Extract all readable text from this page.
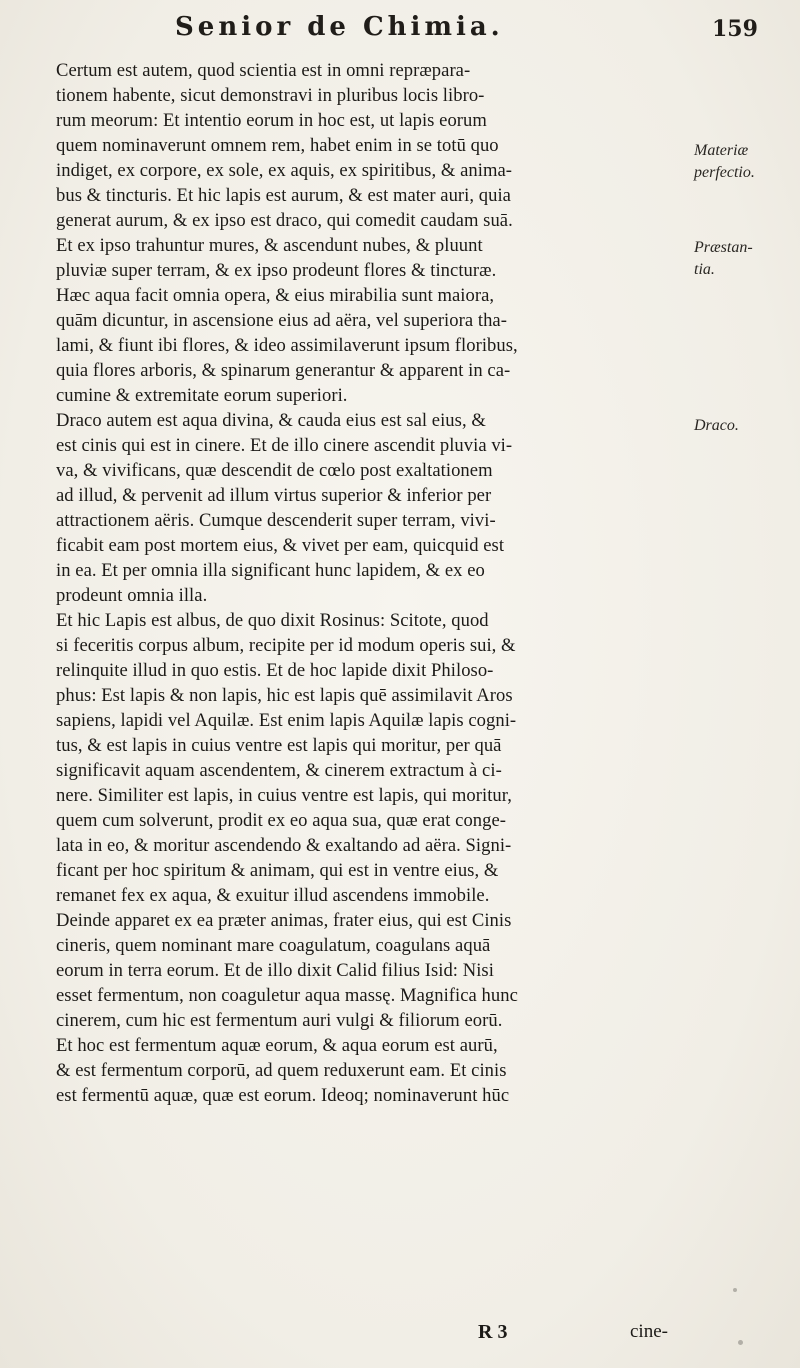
Senior de Chimia.	159
Certum est autem, quod scientia est in omni repræpara-
tionem habente, sicut demonstravi in pluribus locis libro-
rum meorum: Et intentio eorum in hoc est, ut lapis eorum
quem nominaverunt omnem rem, habet enim in se totū quo
indiget, ex corpore, ex sole, ex aquis, ex spiritibus, & anima-
bus & tincturis. Et hic lapis est aurum, & est mater auri, quia
generat aurum, & ex ipso est draco, qui comedit caudam suā.
Et ex ipso trahuntur mures, & ascendunt nubes, & pluunt
pluviæ super terram, & ex ipso prodeunt flores & tincturæ.
Hæc aqua facit omnia opera, & eius mirabilia sunt maiora,
quām dicuntur, in ascensione eius ad aëra, vel superiora tha-
lami, & fiunt ibi flores, & ideo assimilaverunt ipsum floribus,
quia flores arboris, & spinarum generantur & apparent in ca-
cumine & extremitate eorum superiori.
Draco autem est aqua divina, & cauda eius est sal eius, &
est cinis qui est in cinere. Et de illo cinere ascendit pluvia vi-
va, & vivificans, quæ descendit de cœlo post exaltationem
ad illud, & pervenit ad illum virtus superior & inferior per
attractionem aëris. Cumque descenderit super terram, vivi-
ficabit eam post mortem eius, & vivet per eam, quicquid est
in ea. Et per omnia illa significant hunc lapidem, & ex eo
prodeunt omnia illa.
Et hic Lapis est albus, de quo dixit Rosinus: Scitote, quod
si feceritis corpus album, recipite per id modum operis sui, &
relinquite illud in quo estis. Et de hoc lapide dixit Philoso-
phus: Est lapis & non lapis, hic est lapis quē assimilavit Aros
sapiens, lapidi vel Aquilæ. Est enim lapis Aquilæ lapis cogni-
tus, & est lapis in cuius ventre est lapis qui moritur, per quā
significavit aquam ascendentem, & cinerem extractum à ci-
nere. Similiter est lapis, in cuius ventre est lapis, qui moritur,
quem cum solverunt, prodit ex eo aqua sua, quæ erat conge-
lata in eo, & moritur ascendendo & exaltando ad aëra. Signi-
ficant per hoc spiritum & animam, qui est in ventre eius, &
remanet fex ex aqua, & exuitur illud ascendens immobile.
Deinde apparet ex ea præter animas, frater eius, qui est Cinis
cineris, quem nominant mare coagulatum, coagulans aquā
eorum in terra eorum. Et de illo dixit Calid filius Isid: Nisi
esset fermentum, non coaguletur aqua massę. Magnifica hunc
cinerem, cum hic est fermentum auri vulgi & filiorum eorū.
Et hoc est fermentum aquæ eorum, & aqua eorum est aurū,
& est fermentum corporū, ad quem reduxerunt eam. Et cinis
est fermentū aquæ, quæ est eorum. Ideoq; nominaverunt hūc
Materiæ
perfectio.
Præstan-
tia.
Draco.
R 3	cine-
